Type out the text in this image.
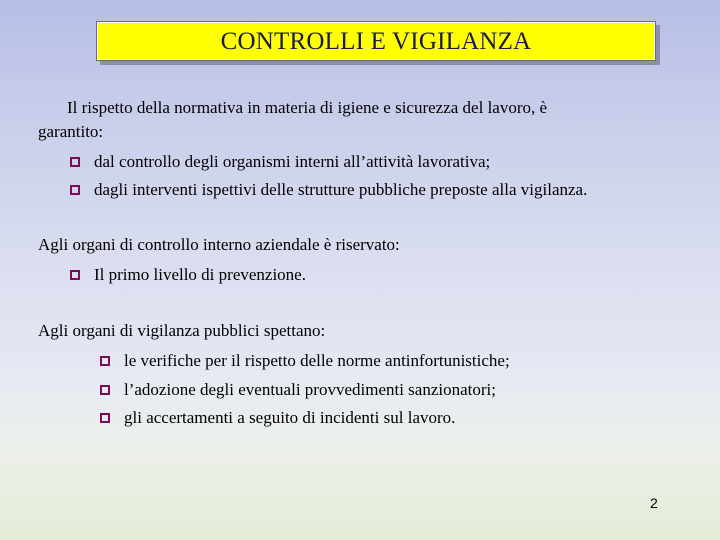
CONTROLLI E VIGILANZA
Il rispetto della normativa in materia di igiene e sicurezza del lavoro, è
garantito:
dal controllo degli organismi interni all’attività lavorativa;
dagli interventi ispettivi delle strutture pubbliche preposte alla vigilanza.
Agli organi di controllo interno aziendale è riservato:
Il primo livello di prevenzione.
Agli organi di vigilanza pubblici spettano:
le verifiche per il rispetto delle norme antinfortunistiche;
l’adozione degli eventuali provvedimenti sanzionatori;
gli accertamenti a seguito di incidenti sul lavoro.
2
